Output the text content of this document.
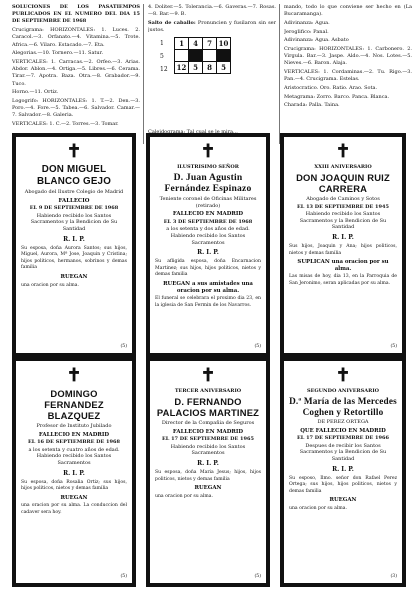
SOLUCIONES DE LOS PASATIEMPOS PUBLICADOS EN EL NUMERO DEL DIA 15 DE SEPTIEMBRE DE 1968

Crucigrama: HORIZONTALES: 1. Luces. 2. Caracol.—3. Orfanato.—4. Vitamina.—5. Trote. Africa.—6. Vilaro. Estacado.—7. Eta.

Alegorias.—10. Tornero.—11. Satur.

VERTICALES: 1. Carracas.—2. Orfeo.—3. Arias. Abdor. Ablon.—4. Ortiga.—5. Libres.—6. Cerama. Tirar.—7. Apotra. Baza. Otra.—8. Grabador.—9. Tuco.

Horno.—11. Ortiz.

Logogrifo: HORIZONTALES: 1. T.—2. Den.—3. Poro.—4. Fore.—5. Tabea.—6. Salvador. Camar.—7. Salvador.—8. Galeria.

VERTICALES: 1. C.—2. Torres.—3. Tomar.

4. Doliter.—5. Tolerancia.—6. Gaveras.—7. Rosas.—8. Bar.—9. B.

Salto de caballo: Pronuncien y fusilaron sin ser justos.

1
5
12
1	4	7	10

12	5	8	5

mando, todo lo que conviene ser hecho en (La Bucaramanga).

Adivinanza: Agua.

Jeroglifico: Panal.

Adivinanza: Agua. Asbato

Crucigrama: HORIZONTALES: 1. Carbonero. 2. Virgula. Bar.—3. Jaspe. Aldo.—4. Nos. Lotes.—5. Nieves.—6. Baron. Alaja.

VERTICALES: 1. Cordaminas.—2. Tu. Rigo.—3. Pan.—4. Crucigrama. Estelas.

Aristocratico. Oro. Ratio. Arao. Sota.

Metagrama: Zorro. Barco. Panca. Blanca.

Charada: Palla. Taina.

✝
DON MIGUEL BLANCO GEJO
Abogado del Ilustre Colegio de Madrid
FALLECIO
EL 9 DE SEPTIEMBRE DE 1968
Habiendo recibido los Santos Sacramentos y la Bendicion de Su Santidad
R. I. P.
Su esposa, doña Aurora Santos; sus hijos, Miguel, Aurora, Mª Jose, Joaquin y Cristina; hijos politicos, hermanos, sobrinos y demas familia
RUEGAN
una oracion por su alma.
(5)
✝
ILUSTRISIMO SEÑOR
D. Juan Agustin Fernández Espinazo
Teniente coronel de Oficinas Militares (retirado)
FALLECIO EN MADRID
EL 3 DE SEPTIEMBRE DE 1968
a los setenta y dos años de edad. Habiendo recibido los Santos Sacramentos
R. I. P.
Su afligida esposa, doña Encarnacion Martinez; sus hijos, hijos politicos, nietos y demas familia
RUEGAN a sus amistades una oracion por su alma.
El funeral se celebrara el proximo dia 23, en la iglesia de San Fermin de los Navarros.
(5)
✝
XXIII ANIVERSARIO
DON JOAQUIN RUIZ CARRERA
Abogado de Caminos y Sotos
EL 13 DE SEPTIEMBRE DE 1945
Habiendo recibido los Santos Sacramentos y la Bendicion de Su Santidad
R. I. P.
Sus hijos, Joaquin y Ana; hijos politicos, nietos y demas familia
SUPLICAN una oracion por su alma.
Las misas de hoy, dia 13, en la Parroquia de San Jeronimo, seran aplicadas por su alma.
(5)
✝
DOMINGO FERNANDEZ BLAZQUEZ
Profesor de Instituto Jubilado
FALLECIO EN MADRID
EL 16 DE SEPTIEMBRE DE 1968
a los setenta y cuatro años de edad. Habiendo recibido los Santos Sacramentos
R. I. P.
Su esposa, doña Rosalia Ortiz; sus hijos, hijos politicos, nietos y demas familia
RUEGAN
una oracion por su alma. La conduccion del cadaver sera hoy.
(5)
✝
TERCER ANIVERSARIO
D. FERNANDO PALACIOS MARTINEZ
Director de la Compañia de Seguros
FALLECIO EN MADRID
EL 17 DE SEPTIEMBRE DE 1965
Habiendo recibido los Santos Sacramentos
R. I. P.
Su esposa, doña Maria Jesus; hijos, hijos politicos, nietos y demas familia
RUEGAN
una oracion por su alma.
(5)
✝
SEGUNDO ANIVERSARIO
D.ª María de las Mercedes Coghen y Retortillo
DE PEREZ ORTEGA
QUE FALLECIO EN MADRID
EL 17 DE SEPTIEMBRE DE 1966
Despues de recibir los Santos Sacramentos y la Bendicion de Su Santidad
R. I. P.
Su esposo, Ilmo. señor don Rafael Perez Ortega; sus hijos, hijos politicos, nietos y demas familia
RUEGAN
una oracion por su alma.
(3)
